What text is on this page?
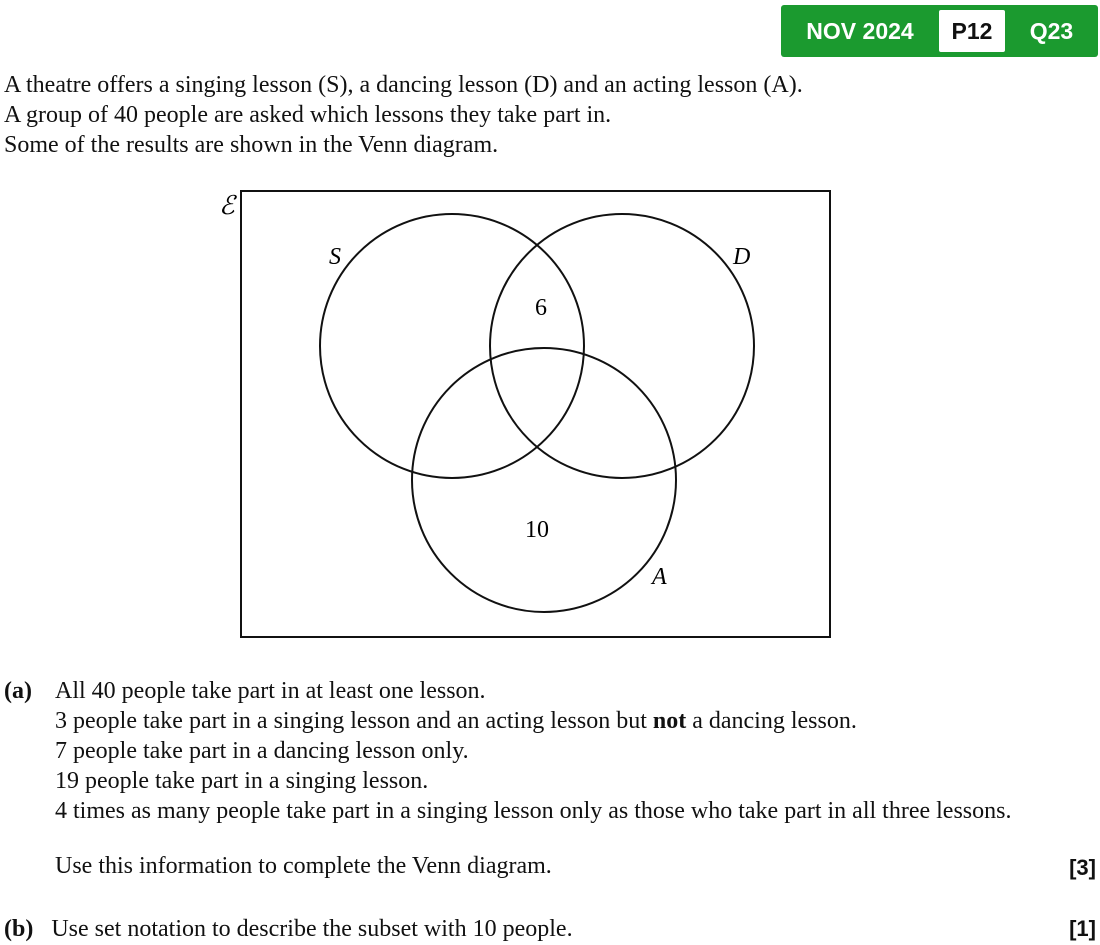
NOV 2024	P12	Q23

A theatre offers a singing lesson (S), a dancing lesson (D) and an acting lesson (A).

A group of 40 people are asked which lessons they take part in.

Some of the results are shown in the Venn diagram.

ℰ
S	D
A
6
10
(a) All 40 people take part in at least one lesson.

3 people take part in a singing lesson and an acting lesson but not a dancing lesson.

7 people take part in a dancing lesson only.

19 people take part in a singing lesson.

4 times as many people take part in a singing lesson only as those who take part in all three lessons.

Use this information to complete the Venn diagram.	[3]
(b) Use set notation to describe the subset with 10 people.	[1]
